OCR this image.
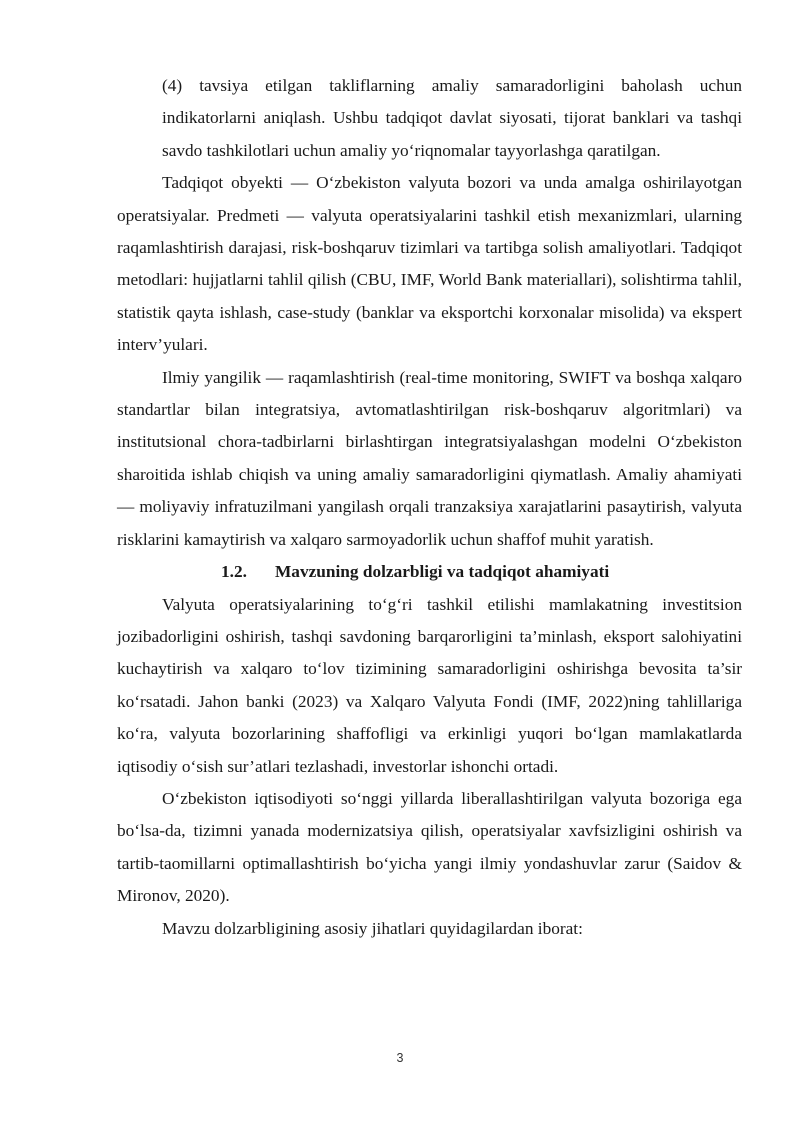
(4) tavsiya etilgan takliflarning amaliy samaradorligini baholash uchun indikatorlarni aniqlash. Ushbu tadqiqot davlat siyosati, tijorat banklari va tashqi savdo tashkilotlari uchun amaliy yo‘riqnomalar tayyorlashga qaratilgan.

Tadqiqot obyekti — O‘zbekiston valyuta bozori va unda amalga oshirilayotgan operatsiyalar. Predmeti — valyuta operatsiyalarini tashkil etish mexanizmlari, ularning raqamlashtirish darajasi, risk-boshqaruv tizimlari va tartibga solish amaliyotlari. Tadqiqot metodlari: hujjatlarni tahlil qilish (CBU, IMF, World Bank materiallari), solishtirma tahlil, statistik qayta ishlash, case-study (banklar va eksportchi korxonalar misolida) va ekspert interv’yulari.

Ilmiy yangilik — raqamlashtirish (real-time monitoring, SWIFT va boshqa xalqaro standartlar bilan integratsiya, avtomatlashtirilgan risk-boshqaruv algoritmlari) va institutsional chora-tadbirlarni birlashtirgan integratsiyalashgan modelni O‘zbekiston sharoitida ishlab chiqish va uning amaliy samaradorligini qiymatlash. Amaliy ahamiyati — moliyaviy infratuzilmani yangilash orqali tranzaksiya xarajatlarini pasaytirish, valyuta risklarini kamaytirish va xalqaro sarmoyadorlik uchun shaffof muhit yaratish.

1.2. Mavzuning dolzarbligi va tadqiqot ahamiyati

Valyuta operatsiyalarining to‘g‘ri tashkil etilishi mamlakatning investitsion jozibadorligini oshirish, tashqi savdoning barqarorligini ta’minlash, eksport salohiyatini kuchaytirish va xalqaro to‘lov tizimining samaradorligini oshirishga bevosita ta’sir ko‘rsatadi. Jahon banki (2023) va Xalqaro Valyuta Fondi (IMF, 2022)ning tahlillariga ko‘ra, valyuta bozorlarining shaffofligi va erkinligi yuqori bo‘lgan mamlakatlarda iqtisodiy o‘sish sur’atlari tezlashadi, investorlar ishonchi ortadi.

O‘zbekiston iqtisodiyoti so‘nggi yillarda liberallashtirilgan valyuta bozoriga ega bo‘lsa-da, tizimni yanada modernizatsiya qilish, operatsiyalar xavfsizligini oshirish va tartib-taomillarni optimallashtirish bo‘yicha yangi ilmiy yondashuvlar zarur (Saidov & Mironov, 2020).

Mavzu dolzarbligining asosiy jihatlari quyidagilardan iborat:

3
